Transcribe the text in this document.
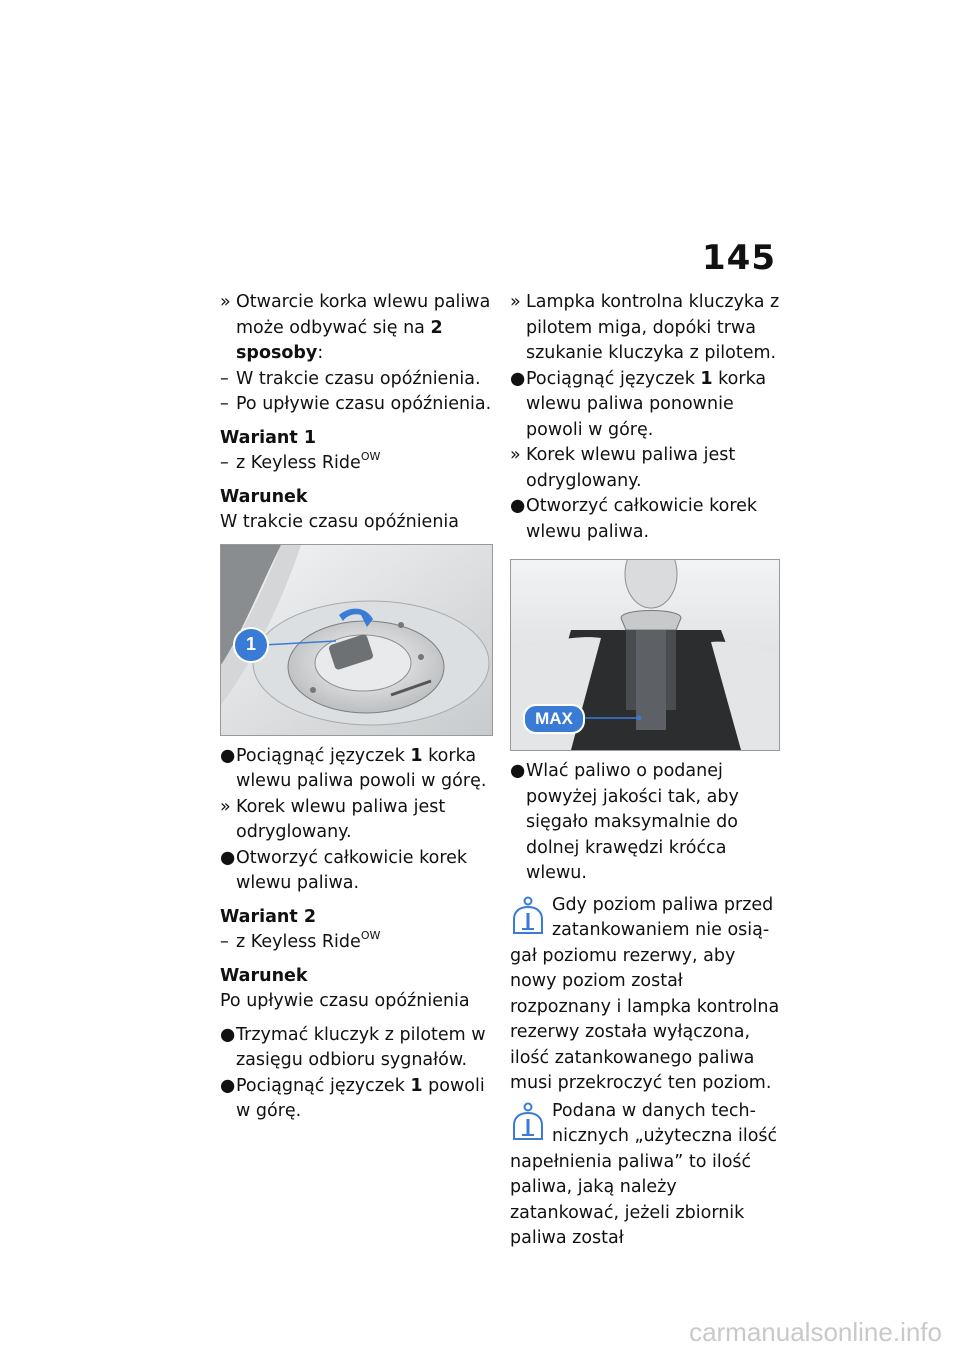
145
» Otwarcie korka wlewu paliwa może odbywać się na 2 sposoby:
– W trakcie czasu opóźnienia.
– Po upływie czasu opóźnienia.
Wariant 1
– z Keyless Ride$^{OW}$
Warunek
W trakcie czasu opóźnienia
1
● Pociągnąć języczek 1 korka wlewu paliwa powoli w górę.
» Korek wlewu paliwa jest odryglowany.
● Otworzyć całkowicie korek wlewu paliwa.
Wariant 2
– z Keyless Ride$^{OW}$
Warunek
Po upływie czasu opóźnienia
● Trzymać kluczyk z pilotem w zasięgu odbioru sygnałów.
● Pociągnąć języczek 1 powoli w górę.
» Lampka kontrolna kluczyka z pilotem miga, dopóki trwa szukanie kluczyka z pilotem.
● Pociągnąć języczek 1 korka wlewu paliwa ponownie powoli w górę.
» Korek wlewu paliwa jest odryglowany.
● Otworzyć całkowicie korek wlewu paliwa.
MAX
● Wlać paliwo o podanej powyżej jakości tak, aby sięgało maksymalnie do dolnej krawędzi króćca wlewu.
Gdy poziom paliwa przed
zatankowaniem nie osią-
gał poziomu rezerwy, aby nowy poziom został rozpoznany i lampka kontrolna rezerwy została wyłączona, ilość zatankowanego paliwa musi przekroczyć ten poziom.
Podana w danych tech-
nicznych „użyteczna ilość
napełnienia paliwa” to ilość paliwa, jaką należy zatankować, jeżeli zbiornik paliwa został
carmanualsonline.info
